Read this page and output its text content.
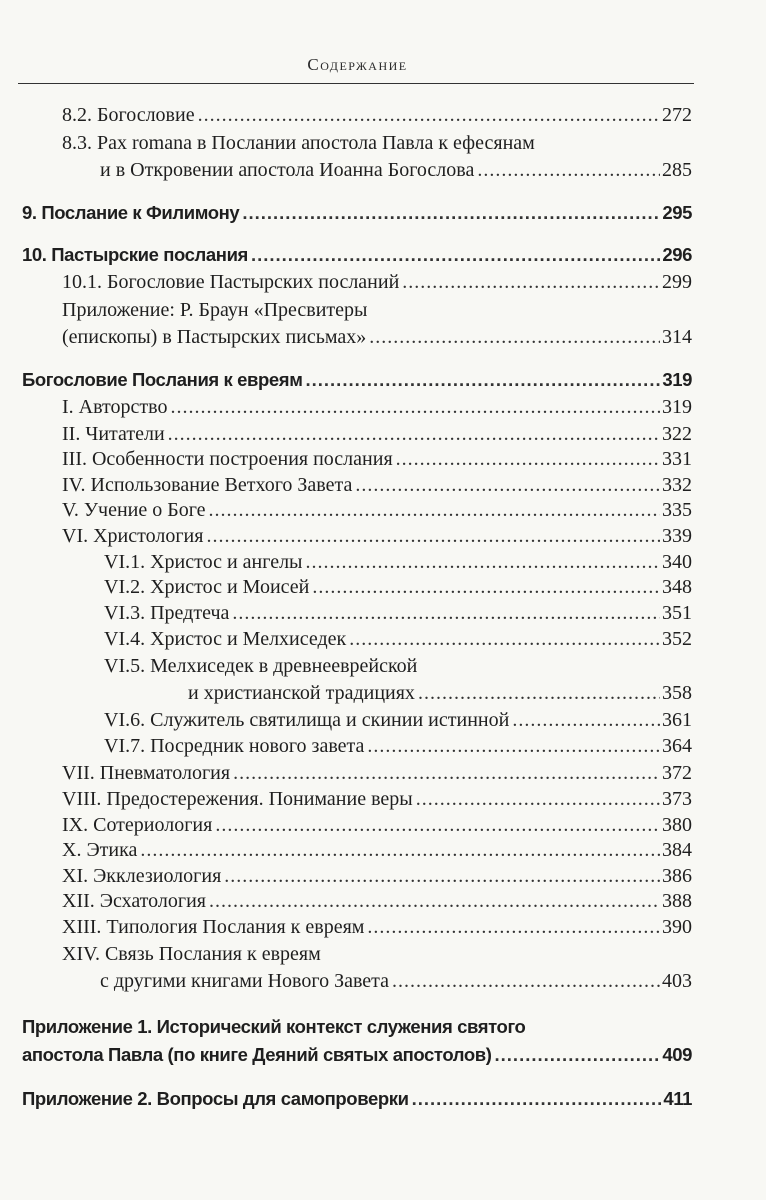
Содержание
8.2. Богословие .....	272
8.3. Pax romana в Послании апостола Павла к ефесянам
и в Откровении апостола Иоанна Богослова .....	285
9. Послание к Филимону .....	295
10. Пастырские послания .....	296
10.1. Богословие Пастырских посланий .....	299
Приложение: Р. Браун «Пресвитеры
(епископы) в Пастырских письмах» .....	314
Богословие Послания к евреям .....	319
I. Авторство .....	319
II. Читатели .....	322
III. Особенности построения послания .....	331
IV. Использование Ветхого Завета .....	332
V. Учение о Боге .....	335
VI. Христология .....	339
VI.1. Христос и ангелы .....	340
VI.2. Христос и Моисей .....	348
VI.3. Предтеча .....	351
VI.4. Христос и Мелхиседек .....	352
VI.5. Мелхиседек в древнееврейской
и христианской традициях .....	358
VI.6. Служитель святилища и скинии истинной .....	361
VI.7. Посредник нового завета .....	364
VII. Пневматология .....	372
VIII. Предостережения. Понимание веры .....	373
IX. Сотериология .....	380
X. Этика .....	384
XI. Экклезиология .....	386
XII. Эсхатология .....	388
XIII. Типология Послания к евреям .....	390
XIV. Связь Послания к евреям
с другими книгами Нового Завета .....	403
Приложение 1. Исторический контекст служения святого
апостола Павла (по книге Деяний святых апостолов) .....	409
Приложение 2. Вопросы для самопроверки .....	411
